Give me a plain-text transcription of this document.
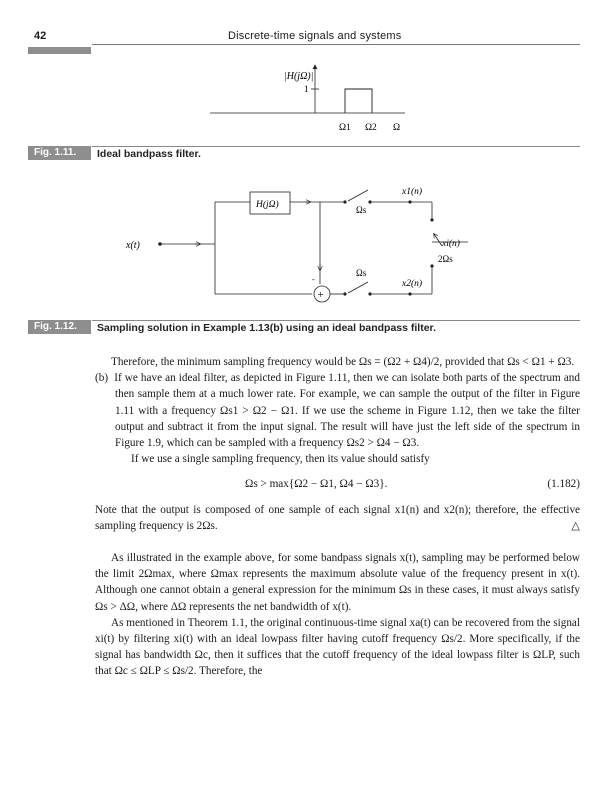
42	Discrete-time signals and systems
|H(jΩ)|
1
Ω1 Ω2 Ω
Fig. 1.11.	Ideal bandpass filter.
x(t)
H(jΩ)
-
+
Ωs
x1(n)
Ωs
x2(n)
xi(n)
2Ωs
Fig. 1.12.	Sampling solution in Example 1.13(b) using an ideal bandpass filter.

Therefore, the minimum sampling frequency would be Ωs = (Ω2 + Ω4)/2, provided that Ωs < Ω1 + Ω3.

(b) If we have an ideal filter, as depicted in Figure 1.11, then we can isolate both parts of the spectrum and then sample them at a much lower rate. For example, we can sample the output of the filter in Figure 1.11 with a frequency Ωs1 > Ω2 − Ω1. If we use the scheme in Figure 1.12, then we take the filter output and subtract it from the input signal. The result will have just the left side of the spectrum in Figure 1.9, which can be sampled with a frequency Ωs2 > Ω4 − Ω3.

If we use a single sampling frequency, then its value should satisfy

Ωs > max{Ω2 − Ω1, Ω4 − Ω3}.	(1.182)

Note that the output is composed of one sample of each signal x1(n) and x2(n); therefore, the effective sampling frequency is 2Ωs.	△

As illustrated in the example above, for some bandpass signals x(t), sampling may be performed below the limit 2Ωmax, where Ωmax represents the maximum absolute value of the frequency present in x(t). Although one cannot obtain a general expression for the minimum Ωs in these cases, it must always satisfy Ωs > ΔΩ, where ΔΩ represents the net bandwidth of x(t).

As mentioned in Theorem 1.1, the original continuous-time signal xa(t) can be recovered from the signal xi(t) by filtering xi(t) with an ideal lowpass filter having cutoff frequency Ωs/2. More specifically, if the signal has bandwidth Ωc, then it suffices that the cutoff frequency of the ideal lowpass filter is ΩLP, such that Ωc ≤ ΩLP ≤ Ωs/2. Therefore, the
